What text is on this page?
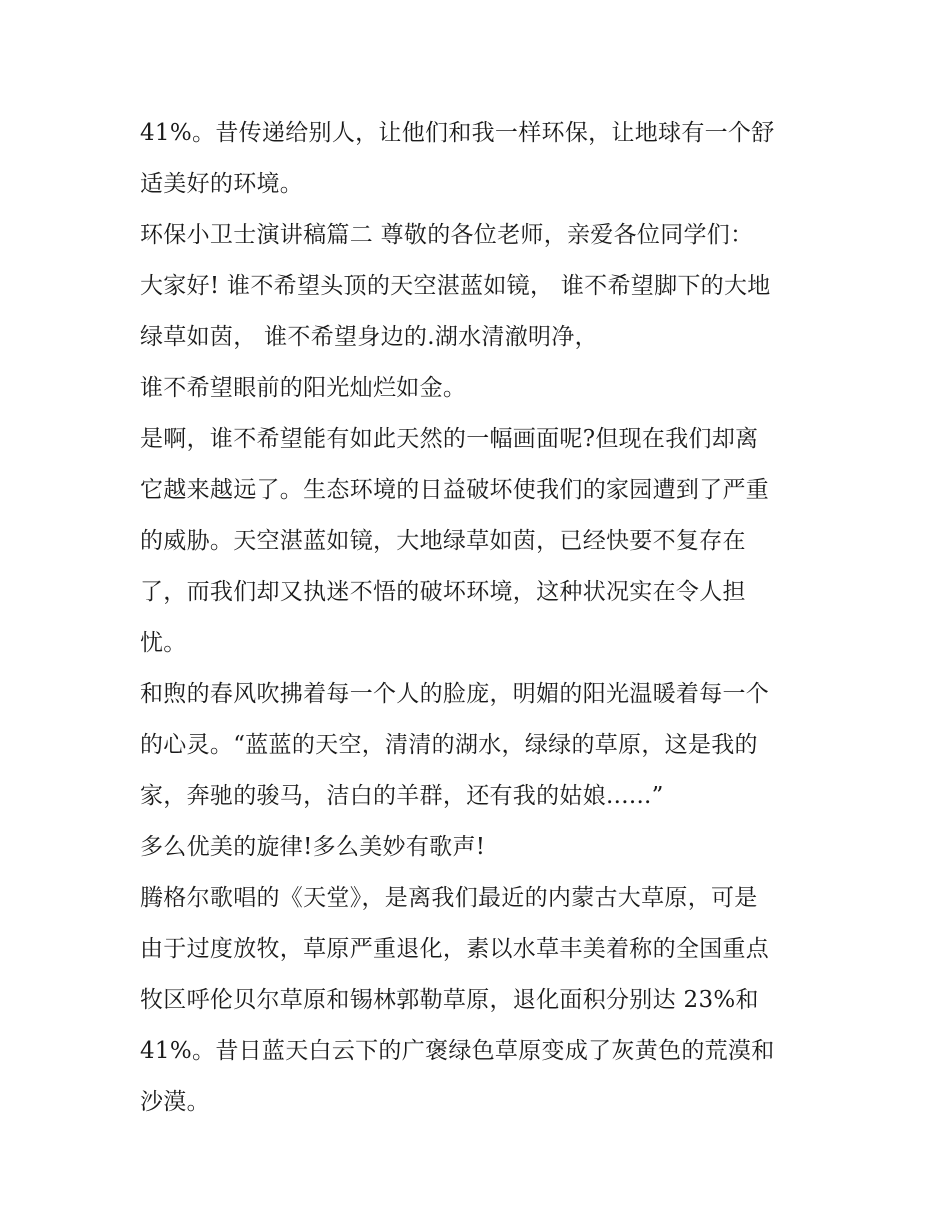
41%。昔传递给别人，让他们和我一样环保，让地球有一个舒
适美好的环境。
环保小卫士演讲稿篇二 尊敬的各位老师，亲爱各位同学们：
大家好! 谁不希望头顶的天空湛蓝如镜， 谁不希望脚下的大地
绿草如茵， 谁不希望身边的.湖水清澈明净，
谁不希望眼前的阳光灿烂如金。
是啊，谁不希望能有如此天然的一幅画面呢?但现在我们却离
它越来越远了。生态环境的日益破坏使我们的家园遭到了严重
的威胁。天空湛蓝如镜，大地绿草如茵，已经快要不复存在
了，而我们却又执迷不悟的破坏环境，这种状况实在令人担
忧。
和煦的春风吹拂着每一个人的脸庞，明媚的阳光温暖着每一个
的心灵。“蓝蓝的天空，清清的湖水，绿绿的草原，这是我的
家，奔驰的骏马，洁白的羊群，还有我的姑娘......”
多么优美的旋律!多么美妙有歌声!
腾格尔歌唱的《天堂》，是离我们最近的内蒙古大草原，可是
由于过度放牧，草原严重退化，素以水草丰美着称的全国重点
牧区呼伦贝尔草原和锡林郭勒草原，退化面积分别达 23%和
41%。昔日蓝天白云下的广褒绿色草原变成了灰黄色的荒漠和
沙漠。
